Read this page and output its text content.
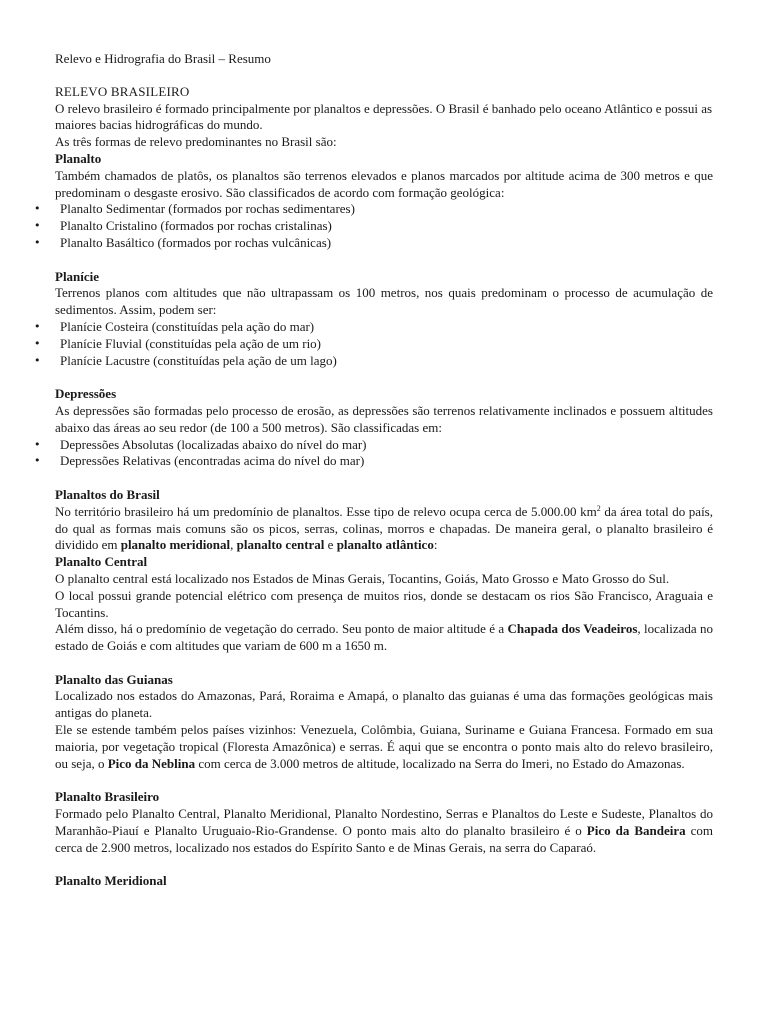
Relevo e Hidrografia do Brasil – Resumo

RELEVO BRASILEIRO

O relevo brasileiro é formado principalmente por planaltos e depressões. O Brasil é banhado pelo oceano Atlântico e possui as maiores bacias hidrográficas do mundo.

As três formas de relevo predominantes no Brasil são:

Planalto

Também chamados de platôs, os planaltos são terrenos elevados e planos marcados por altitude acima de 300 metros e que predominam o desgaste erosivo. São classificados de acordo com formação geológica:

• Planalto Sedimentar (formados por rochas sedimentares)
• Planalto Cristalino (formados por rochas cristalinas)
• Planalto Basáltico (formados por rochas vulcânicas)
Planície

Terrenos planos com altitudes que não ultrapassam os 100 metros, nos quais predominam o processo de acumulação de sedimentos. Assim, podem ser:

• Planície Costeira (constituídas pela ação do mar)
• Planície Fluvial (constituídas pela ação de um rio)
• Planície Lacustre (constituídas pela ação de um lago)
Depressões

As depressões são formadas pelo processo de erosão, as depressões são terrenos relativamente inclinados e possuem altitudes abaixo das áreas ao seu redor (de 100 a 500 metros). São classificadas em:

• Depressões Absolutas (localizadas abaixo do nível do mar)
• Depressões Relativas (encontradas acima do nível do mar)
Planaltos do Brasil

No território brasileiro há um predomínio de planaltos. Esse tipo de relevo ocupa cerca de 5.000.00 $km^2$ da área total do país, do qual as formas mais comuns são os picos, serras, colinas, morros e chapadas. De maneira geral, o planalto brasileiro é dividido em planalto meridional, planalto central e planalto atlântico:

Planalto Central

O planalto central está localizado nos Estados de Minas Gerais, Tocantins, Goiás, Mato Grosso e Mato Grosso do Sul.

O local possui grande potencial elétrico com presença de muitos rios, donde se destacam os rios São Francisco, Araguaia e Tocantins.

Além disso, há o predomínio de vegetação do cerrado. Seu ponto de maior altitude é a Chapada dos Veadeiros, localizada no estado de Goiás e com altitudes que variam de 600 m a 1650 m.

Planalto das Guianas

Localizado nos estados do Amazonas, Pará, Roraima e Amapá, o planalto das guianas é uma das formações geológicas mais antigas do planeta.

Ele se estende também pelos países vizinhos: Venezuela, Colômbia, Guiana, Suriname e Guiana Francesa. Formado em sua maioria, por vegetação tropical (Floresta Amazônica) e serras. É aqui que se encontra o ponto mais alto do relevo brasileiro, ou seja, o Pico da Neblina com cerca de 3.000 metros de altitude, localizado na Serra do Imeri, no Estado do Amazonas.

Planalto Brasileiro

Formado pelo Planalto Central, Planalto Meridional, Planalto Nordestino, Serras e Planaltos do Leste e Sudeste, Planaltos do Maranhão-Piauí e Planalto Uruguaio-Rio-Grandense. O ponto mais alto do planalto brasileiro é o Pico da Bandeira com cerca de 2.900 metros, localizado nos estados do Espírito Santo e de Minas Gerais, na serra do Caparaó.

Planalto Meridional
